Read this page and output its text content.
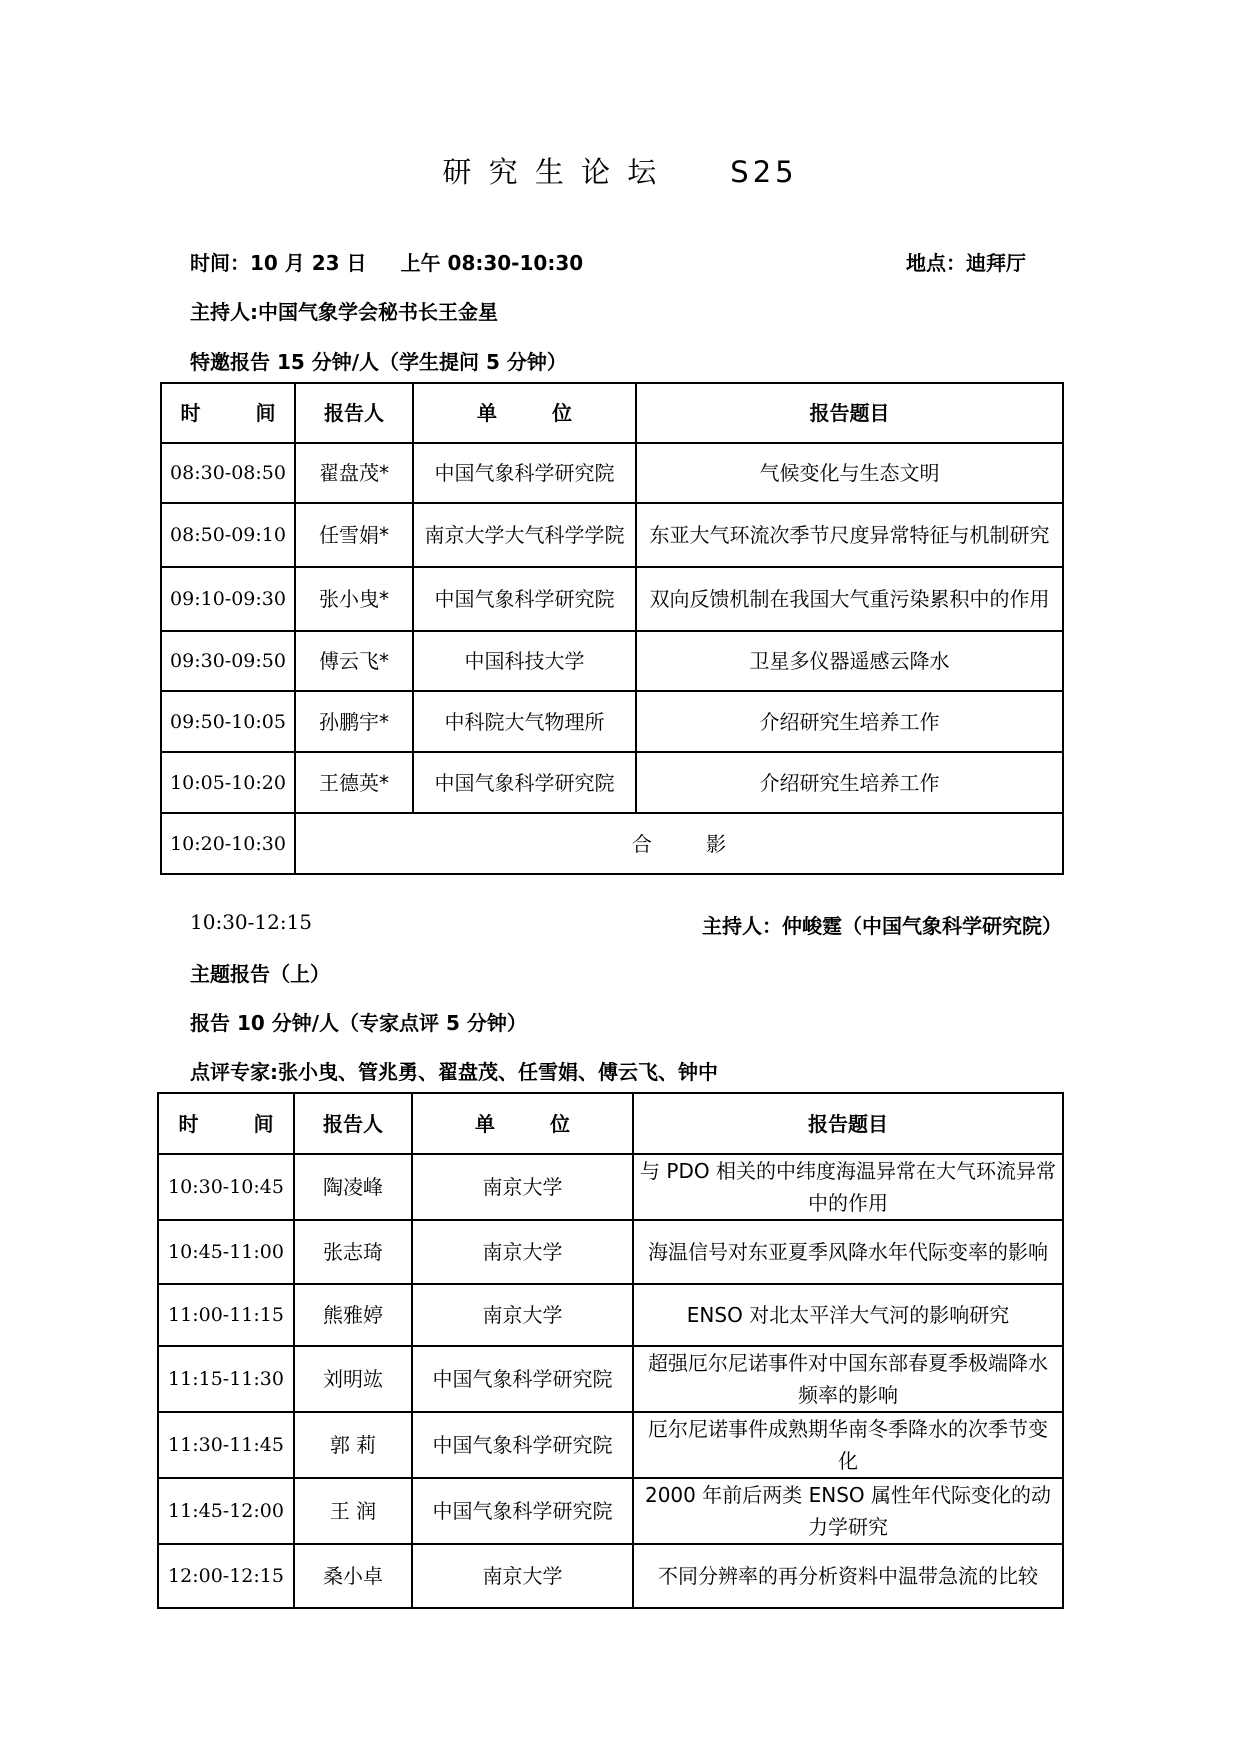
研 究 生 论 坛 S25
时间：10 月 23 日 上午 08:30-10:30	地点：迪拜厅
主持人:中国气象学会秘书长王金星
特邀报告 15 分钟/人（学生提问 5 分钟）
时 间	报告人	单 位	报告题目
08:30-08:50	翟盘茂*	中国气象科学研究院	气候变化与生态文明
08:50-09:10	任雪娟*	南京大学大气科学学院	东亚大气环流次季节尺度异常特征与机制研究
09:10-09:30	张小曳*	中国气象科学研究院	双向反馈机制在我国大气重污染累积中的作用
09:30-09:50	傅云飞*	中国科技大学	卫星多仪器遥感云降水
09:50-10:05	孙鹏宇*	中科院大气物理所	介绍研究生培养工作
10:05-10:20	王德英*	中国气象科学研究院	介绍研究生培养工作
10:20-10:30	合 影		
10:30-12:15	主持人：仲峻霆（中国气象科学研究院）
主题报告（上）
报告 10 分钟/人（专家点评 5 分钟）
点评专家:张小曳、管兆勇、翟盘茂、任雪娟、傅云飞、钟中
时 间	报告人	单 位	报告题目
10:30-10:45	陶凌峰	南京大学	与 PDO 相关的中纬度海温异常在大气环流异常中的作用
10:45-11:00	张志琦	南京大学	海温信号对东亚夏季风降水年代际变率的影响
11:00-11:15	熊雅婷	南京大学	ENSO 对北太平洋大气河的影响研究
11:15-11:30	刘明竑	中国气象科学研究院	超强厄尔尼诺事件对中国东部春夏季极端降水频率的影响
11:30-11:45	郭 莉	中国气象科学研究院	厄尔尼诺事件成熟期华南冬季降水的次季节变化
11:45-12:00	王 润	中国气象科学研究院	2000 年前后两类 ENSO 属性年代际变化的动力学研究
12:00-12:15	桑小卓	南京大学	不同分辨率的再分析资料中温带急流的比较
